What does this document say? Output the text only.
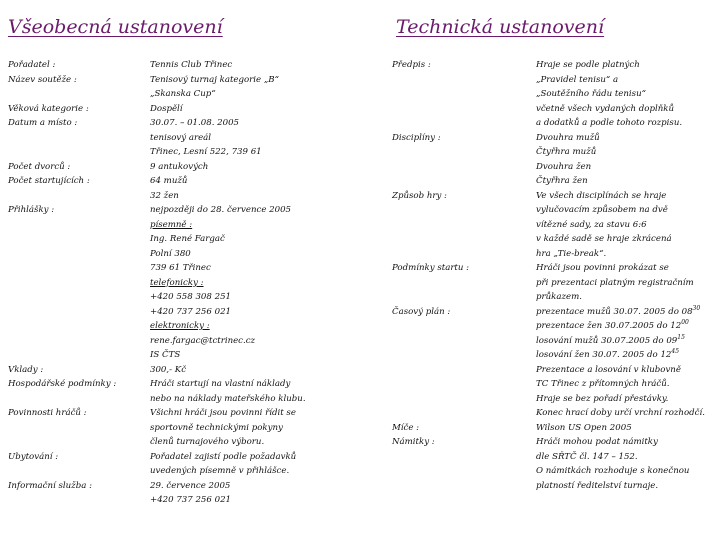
Všeobecná ustanovení	Technická ustanovení
Pořadatel :	Tennis Club Třinec
Název soutěže :	Tenisový turnaj kategorie „B“
„Skanska Cup“
Věková kategorie :	Dospělí
Datum a místo :	30.07. – 01.08. 2005
tenisový areál
Třinec, Lesní 522, 739 61
Počet dvorců :	9 antukových
Počet startujících :	64 mužů
32 žen
Přihlášky :	nejpozději do 28. července 2005
písemně :
Ing. René Fargač
Polní 380
739 61 Třinec
telefonicky :
+420 558 308 251
+420 737 256 021
elektronicky :
rene.fargac@tctrinec.cz
IS ČTS
Vklady :	300,- Kč
Hospodářské podmínky :	Hráči startují na vlastní náklady
nebo na náklady mateřského klubu.
Povinnosti hráčů :	Všichni hráči jsou povinni řídit se
sportovně technickými pokyny
členů turnajového výboru.
Ubytování :	Pořadatel zajistí podle požadavků
uvedených písemně v přihlášce.
Informační služba :	29. července 2005
+420 737 256 021
Předpis :	Hraje se podle platných
„Pravidel tenisu“ a
„Soutěžního řádu tenisu“
včetně všech vydaných doplňků
a dodatků a podle tohoto rozpisu.
Disciplíny :	Dvouhra mužů
Čtyřhra mužů
Dvouhra žen
Čtyřhra žen
Způsob hry :	Ve všech disciplínách se hraje
vylučovacím způsobem na dvě
vítězné sady, za stavu 6:6
v každé sadě se hraje zkrácená
hra „Tie-break“.
Podmínky startu :	Hráči jsou povinni prokázat se
při prezentaci platným registračním
průkazem.
Časový plán :	prezentace mužů 30.07. 2005 do $08^{30}$
prezentace žen 30.07.2005 do $12^{00}$
losování mužů 30.07.2005 do $09^{15}$
losování žen 30.07. 2005 do $12^{45}$
Prezentace a losování v klubovně
TC Třinec z přítomných hráčů.
Hraje se bez pořadí přestávky.
Konec hrací doby určí vrchní rozhodčí.
Míče :	Wilson US Open 2005
Námitky :	Hráči mohou podat námitky
dle SŘTČ čl. 147 – 152.
O námitkách rozhoduje s konečnou
platností ředitelství turnaje.
